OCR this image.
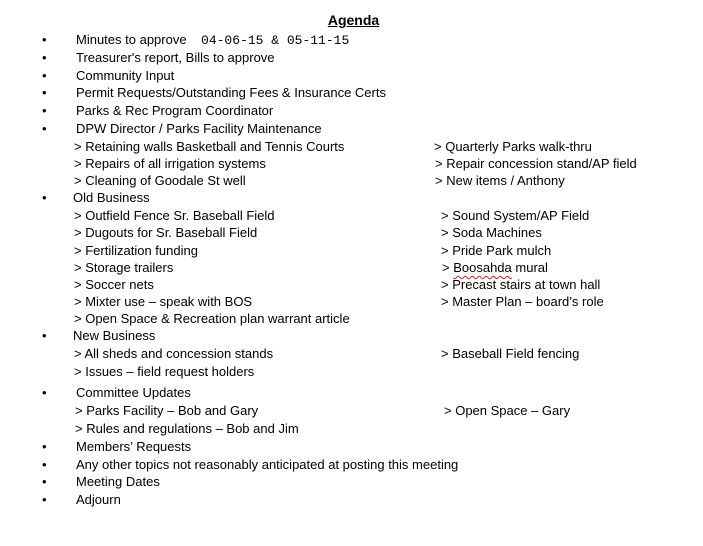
Agenda
• Minutes to approve 04-06-15 & 05-11-15
• Treasurer's report, Bills to approve
• Community Input
• Permit Requests/Outstanding Fees & Insurance Certs
• Parks & Rec Program Coordinator
• DPW Director / Parks Facility Maintenance
> Retaining walls Basketball and Tennis Courts
> Repairs of all irrigation systems
> Cleaning of Goodale St well
> Quarterly Parks walk-thru
> Repair concession stand/AP field
> New items / Anthony
• Old Business
> Outfield Fence Sr. Baseball Field
> Dugouts for Sr. Baseball Field
> Fertilization funding
> Storage trailers
> Soccer nets
> Mixter use – speak with BOS
> Open Space & Recreation plan warrant article
> Sound System/AP Field
> Soda Machines
> Pride Park mulch
> Boosahda mural
> Precast stairs at town hall
> Master Plan – board’s role
• New Business
> All sheds and concession stands
> Issues – field request holders
> Baseball Field fencing
• Committee Updates
> Parks Facility – Bob and Gary
> Rules and regulations – Bob and Jim
> Open Space – Gary
• Members’ Requests
• Any other topics not reasonably anticipated at posting this meeting
• Meeting Dates
• Adjourn
